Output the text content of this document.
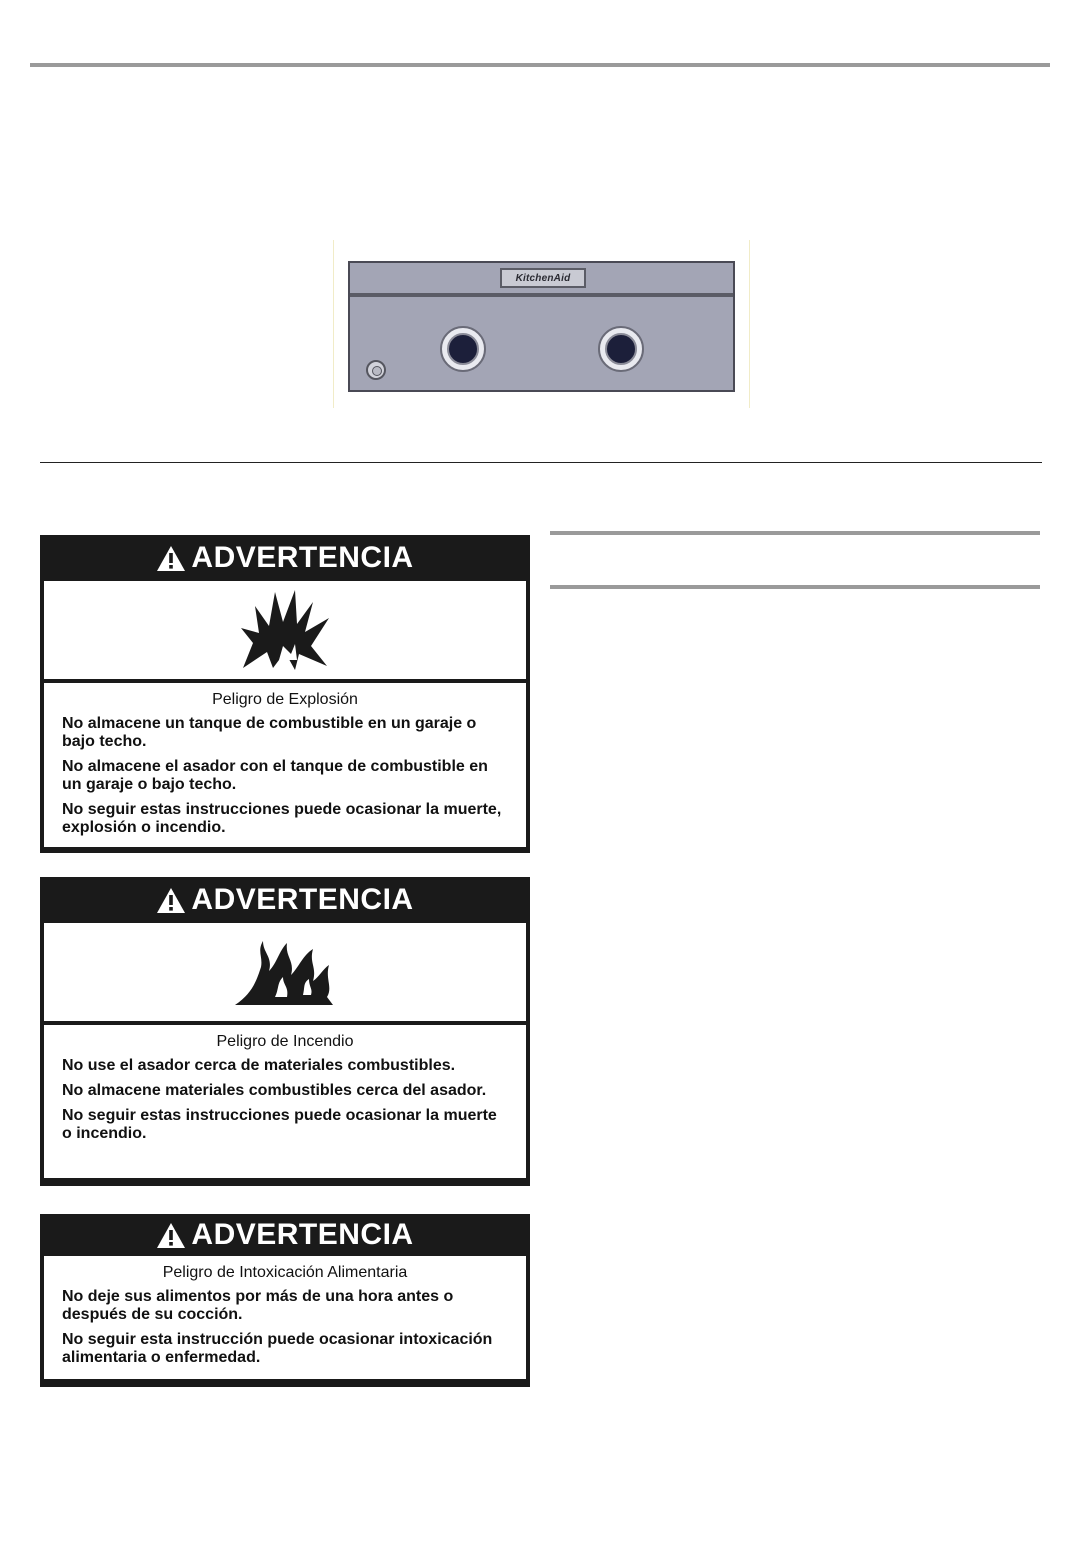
KitchenAid
ADVERTENCIA
Peligro de Explosión

No almacene un tanque de combustible en un garaje o bajo techo.

No almacene el asador con el tanque de combustible en un garaje o bajo techo.

No seguir estas instrucciones puede ocasionar la muerte, explosión o incendio.

ADVERTENCIA
Peligro de Incendio

No use el asador cerca de materiales combustibles.

No almacene materiales combustibles cerca del asador.

No seguir estas instrucciones puede ocasionar la muerte o incendio.

ADVERTENCIA
Peligro de Intoxicación Alimentaria

No deje sus alimentos por más de una hora antes o después de su cocción.

No seguir esta instrucción puede ocasionar intoxicación alimentaria o enfermedad.
